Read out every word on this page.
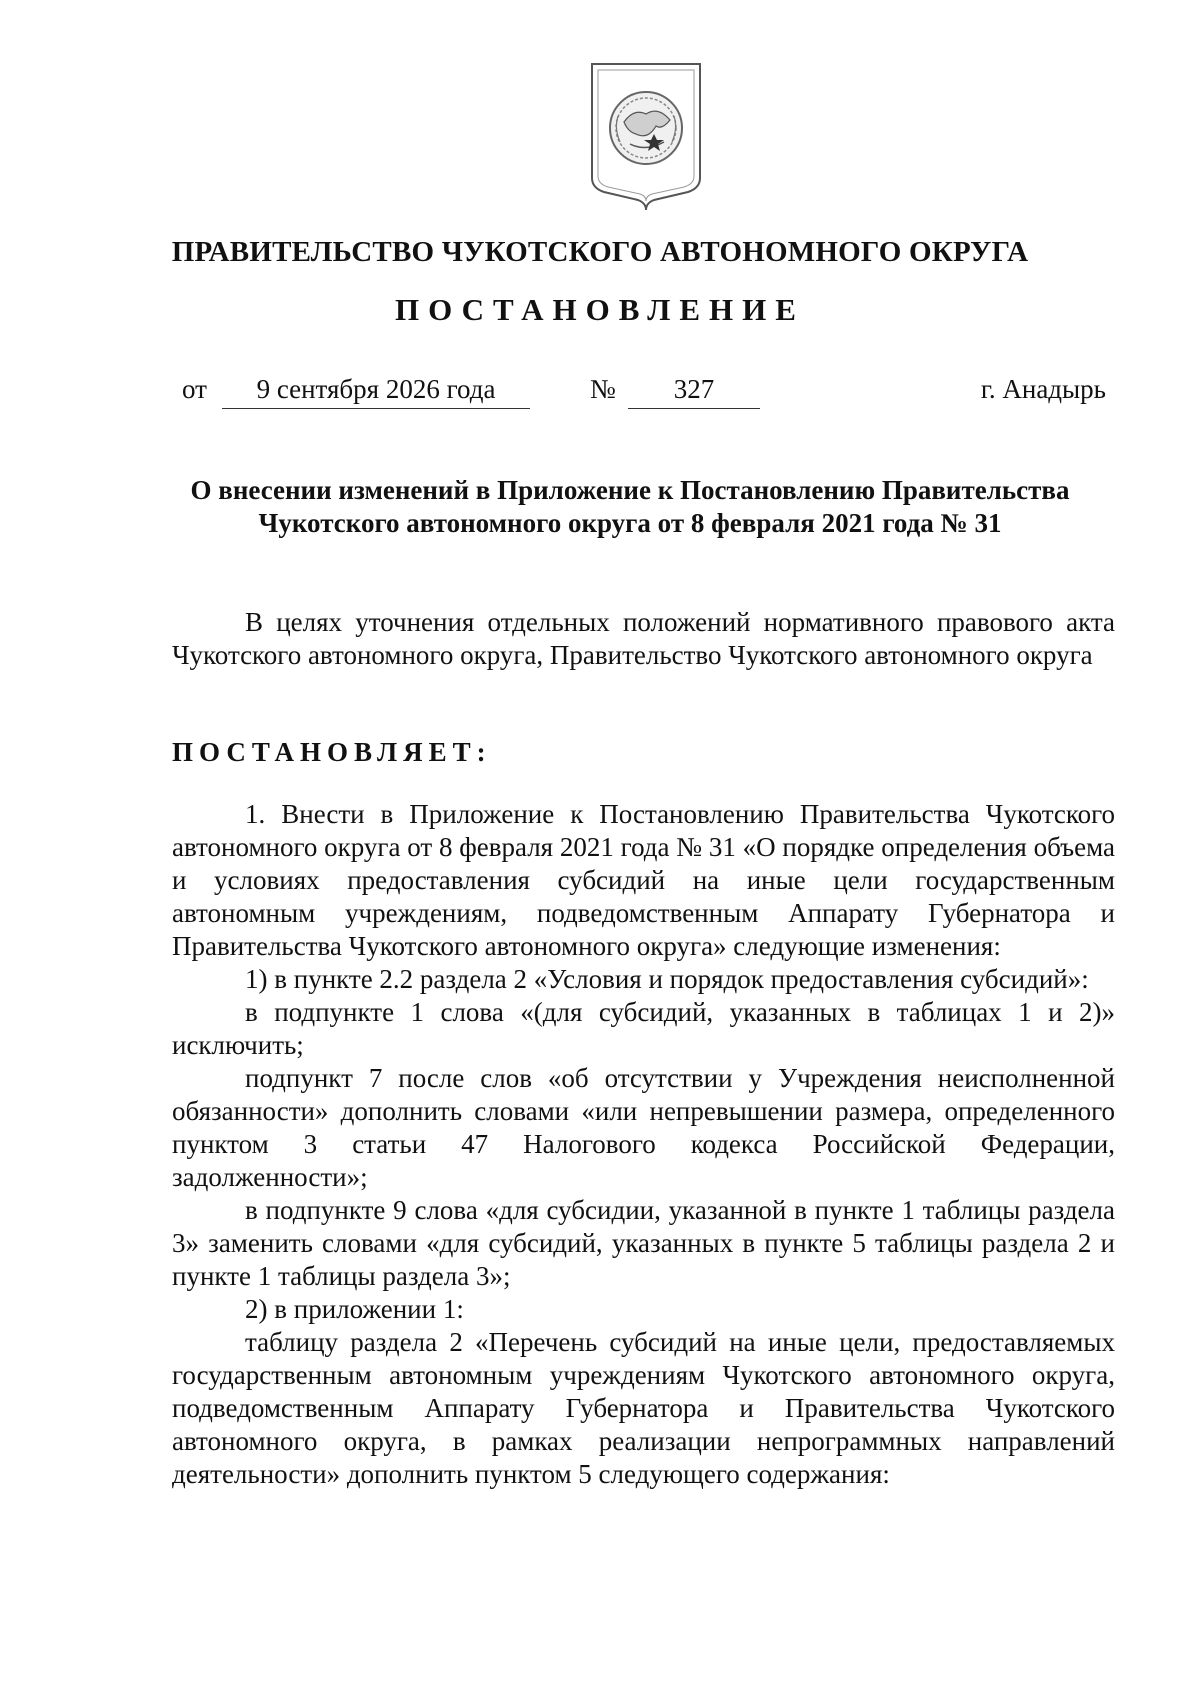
ПРАВИТЕЛЬСТВО ЧУКОТСКОГО АВТОНОМНОГО ОКРУГА
ПОСТАНОВЛЕНИЕ
от	9 сентября 2026 года	№	327	г. Анадырь
О внесении изменений в Приложение к Постановлению Правительства
Чукотского автономного округа от 8 февраля 2021 года № 31

В целях уточнения отдельных положений нормативного правового акта Чукотского автономного округа, Правительство Чукотского автономного округа

ПОСТАНОВЛЯЕТ:

1. Внести в Приложение к Постановлению Правительства Чукотского автономного округа от 8 февраля 2021 года № 31 «О порядке определения объема и условиях предоставления субсидий на иные цели государственным автономным учреждениям, подведомственным Аппарату Губернатора и Правительства Чукотского автономного округа» следующие изменения:

1) в пункте 2.2 раздела 2 «Условия и порядок предоставления субсидий»:

в подпункте 1 слова «(для субсидий, указанных в таблицах 1 и 2)» исключить;

подпункт 7 после слов «об отсутствии у Учреждения неисполненной обязанности» дополнить словами «или непревышении размера, определенного пунктом 3 статьи 47 Налогового кодекса Российской Федерации, задолженности»;

в подпункте 9 слова «для субсидии, указанной в пункте 1 таблицы раздела 3» заменить словами «для субсидий, указанных в пункте 5 таблицы раздела 2 и пункте 1 таблицы раздела 3»;

2) в приложении 1:

таблицу раздела 2 «Перечень субсидий на иные цели, предоставляемых государственным автономным учреждениям Чукотского автономного округа, подведомственным Аппарату Губернатора и Правительства Чукотского автономного округа, в рамках реализации непрограммных направлений деятельности» дополнить пунктом 5 следующего содержания:
